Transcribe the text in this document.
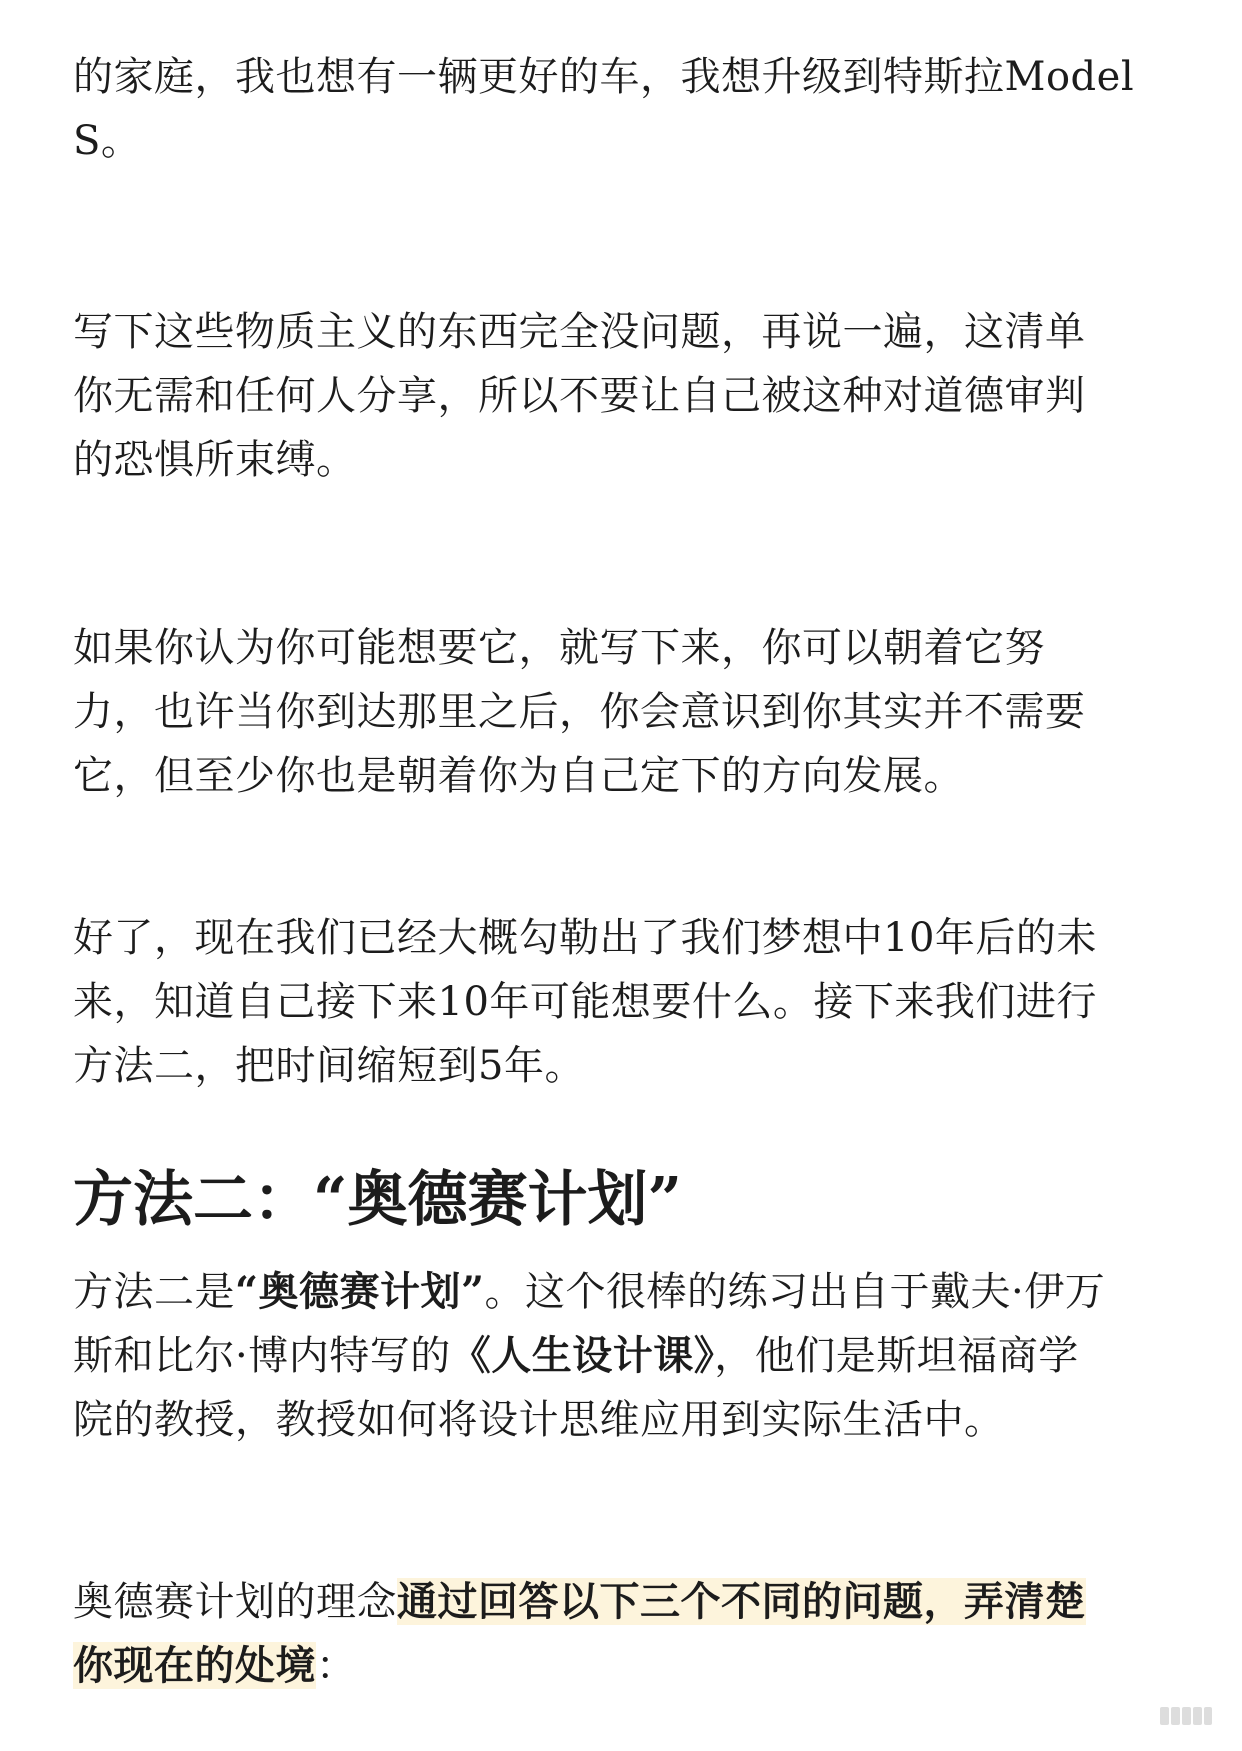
的家庭，我也想有一辆更好的车，我想升级到特斯拉Model
S。

写下这些物质主义的东西完全没问题，再说一遍，这清单
你无需和任何人分享，所以不要让自己被这种对道德审判
的恐惧所束缚。

如果你认为你可能想要它，就写下来，你可以朝着它努
力，也许当你到达那里之后，你会意识到你其实并不需要
它，但至少你也是朝着你为自己定下的方向发展。

好了，现在我们已经大概勾勒出了我们梦想中10年后的未
来，知道自己接下来10年可能想要什么。接下来我们进行
方法二，把时间缩短到5年。

方法二：“奥德赛计划”

方法二是“奥德赛计划”。这个很棒的练习出自于戴夫·伊万
斯和比尔·博内特写的《人生设计课》，他们是斯坦福商学
院的教授，教授如何将设计思维应用到实际生活中。

奥德赛计划的理念通过回答以下三个不同的问题，弄清楚
你现在的处境：
